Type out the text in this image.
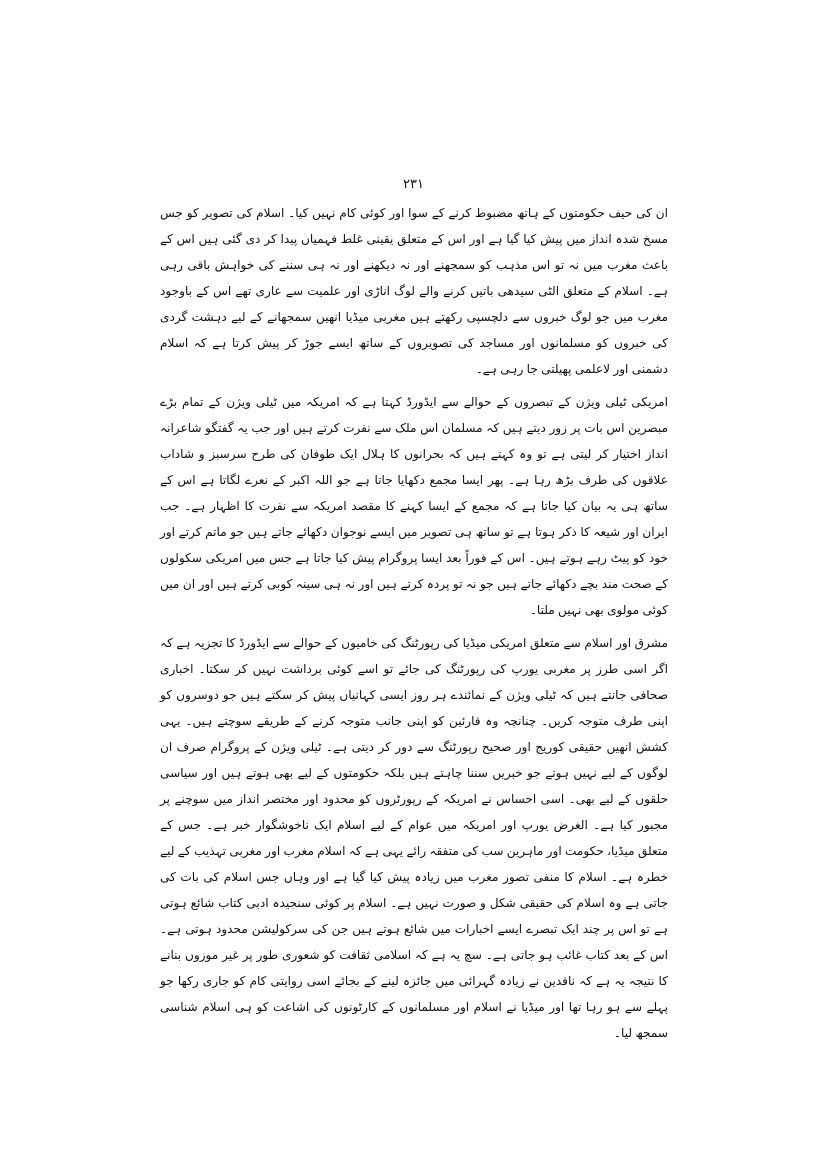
۲۳۱

ان کی حیف حکومتوں کے ہاتھ مضبوط کرنے کے سوا اور کوئی کام نہیں کیا۔ اسلام کی تصویر کو جس مسخ شدہ انداز میں پیش کیا گیا ہے اور اس کے متعلق یقینی غلط فہمیاں پیدا کر دی گئی ہیں اس کے باعث مغرب میں نہ تو اس مذہب کو سمجھنے اور نہ دیکھنے اور نہ ہی سننے کی خواہش باقی رہی ہے۔ اسلام کے متعلق الٹی سیدھی باتیں کرنے والے لوگ اناڑی اور علمیت سے عاری تھے اس کے باوجود مغرب میں جو لوگ خبروں سے دلچسپی رکھتے ہیں مغربی میڈیا انھیں سمجھانے کے لیے دہشت گردی کی خبروں کو مسلمانوں اور مساجد کی تصویروں کے ساتھ ایسے جوڑ کر پیش کرتا ہے کہ اسلام دشمنی اور لاعلمی پھیلتی جا رہی ہے۔

امریکی ٹیلی ویژن کے تبصروں کے حوالے سے ایڈورڈ کہتا ہے کہ امریکہ میں ٹیلی ویژن کے تمام بڑے مبصرین اس بات پر زور دیتے ہیں کہ مسلمان اس ملک سے نفرت کرتے ہیں اور جب یہ گفتگو شاعرانہ انداز اختیار کر لیتی ہے تو وہ کہتے ہیں کہ بحرانوں کا ہلال ایک طوفان کی طرح سرسبز و شاداب علاقوں کی طرف بڑھ رہا ہے۔ پھر ایسا مجمع دکھایا جاتا ہے جو اللہ اکبر کے نعرے لگاتا ہے اس کے ساتھ ہی یہ بیان کیا جاتا ہے کہ مجمع کے ایسا کہنے کا مقصد امریکہ سے نفرت کا اظہار ہے۔ جب ایران اور شیعہ کا ذکر ہوتا ہے تو ساتھ ہی تصویر میں ایسے نوجوان دکھائے جاتے ہیں جو ماتم کرتے اور خود کو پیٹ رہے ہوتے ہیں۔ اس کے فوراً بعد ایسا پروگرام پیش کیا جاتا ہے جس میں امریکی سکولوں کے صحت مند بچے دکھائے جاتے ہیں جو نہ تو پردہ کرتے ہیں اور نہ ہی سینہ کوبی کرتے ہیں اور ان میں کوئی مولوی بھی نہیں ملتا۔

مشرق اور اسلام سے متعلق امریکی میڈیا کی رپورٹنگ کی خامیوں کے حوالے سے ایڈورڈ کا تجزیہ ہے کہ اگر اسی طرز پر مغربی یورپ کی رپورٹنگ کی جائے تو اسے کوئی برداشت نہیں کر سکتا۔ اخباری صحافی جانتے ہیں کہ ٹیلی ویژن کے نمائندے ہر روز ایسی کہانیاں پیش کر سکتے ہیں جو دوسروں کو اپنی طرف متوجہ کریں۔ چنانچہ وہ قارئین کو اپنی جانب متوجہ کرنے کے طریقے سوچتے ہیں۔ یہی کشش انھیں حقیقی کوریج اور صحیح رپورٹنگ سے دور کر دیتی ہے۔ ٹیلی ویژن کے پروگرام صرف ان لوگوں کے لیے نہیں ہوتے جو خبریں سننا چاہتے ہیں بلکہ حکومتوں کے لیے بھی ہوتے ہیں اور سیاسی حلقوں کے لیے بھی۔ اسی احساس نے امریکہ کے رپورٹروں کو محدود اور مختصر انداز میں سوچنے پر مجبور کیا ہے۔ الغرض یورپ اور امریکہ میں عوام کے لیے اسلام ایک ناخوشگوار خبر ہے۔ جس کے متعلق میڈیا، حکومت اور ماہرین سب کی متفقہ رائے یہی ہے کہ اسلام مغرب اور مغربی تہذیب کے لیے خطرہ ہے۔ اسلام کا منفی تصور مغرب میں زیادہ پیش کیا گیا ہے اور وہاں جس اسلام کی بات کی جاتی ہے وہ اسلام کی حقیقی شکل و صورت نہیں ہے۔ اسلام پر کوئی سنجیدہ ادبی کتاب شائع ہوتی ہے تو اس پر چند ایک تبصرے ایسے اخبارات میں شائع ہوتے ہیں جن کی سرکولیشن محدود ہوتی ہے۔ اس کے بعد کتاب غائب ہو جاتی ہے۔ سچ یہ ہے کہ اسلامی ثقافت کو شعوری طور پر غیر موزوں بنانے کا نتیجہ یہ ہے کہ ناقدین نے زیادہ گہرائی میں جائزہ لینے کے بجائے اسی روایتی کام کو جاری رکھا جو پہلے سے ہو رہا تھا اور میڈیا نے اسلام اور مسلمانوں کے کارٹونوں کی اشاعت کو ہی اسلام شناسی سمجھ لیا۔
